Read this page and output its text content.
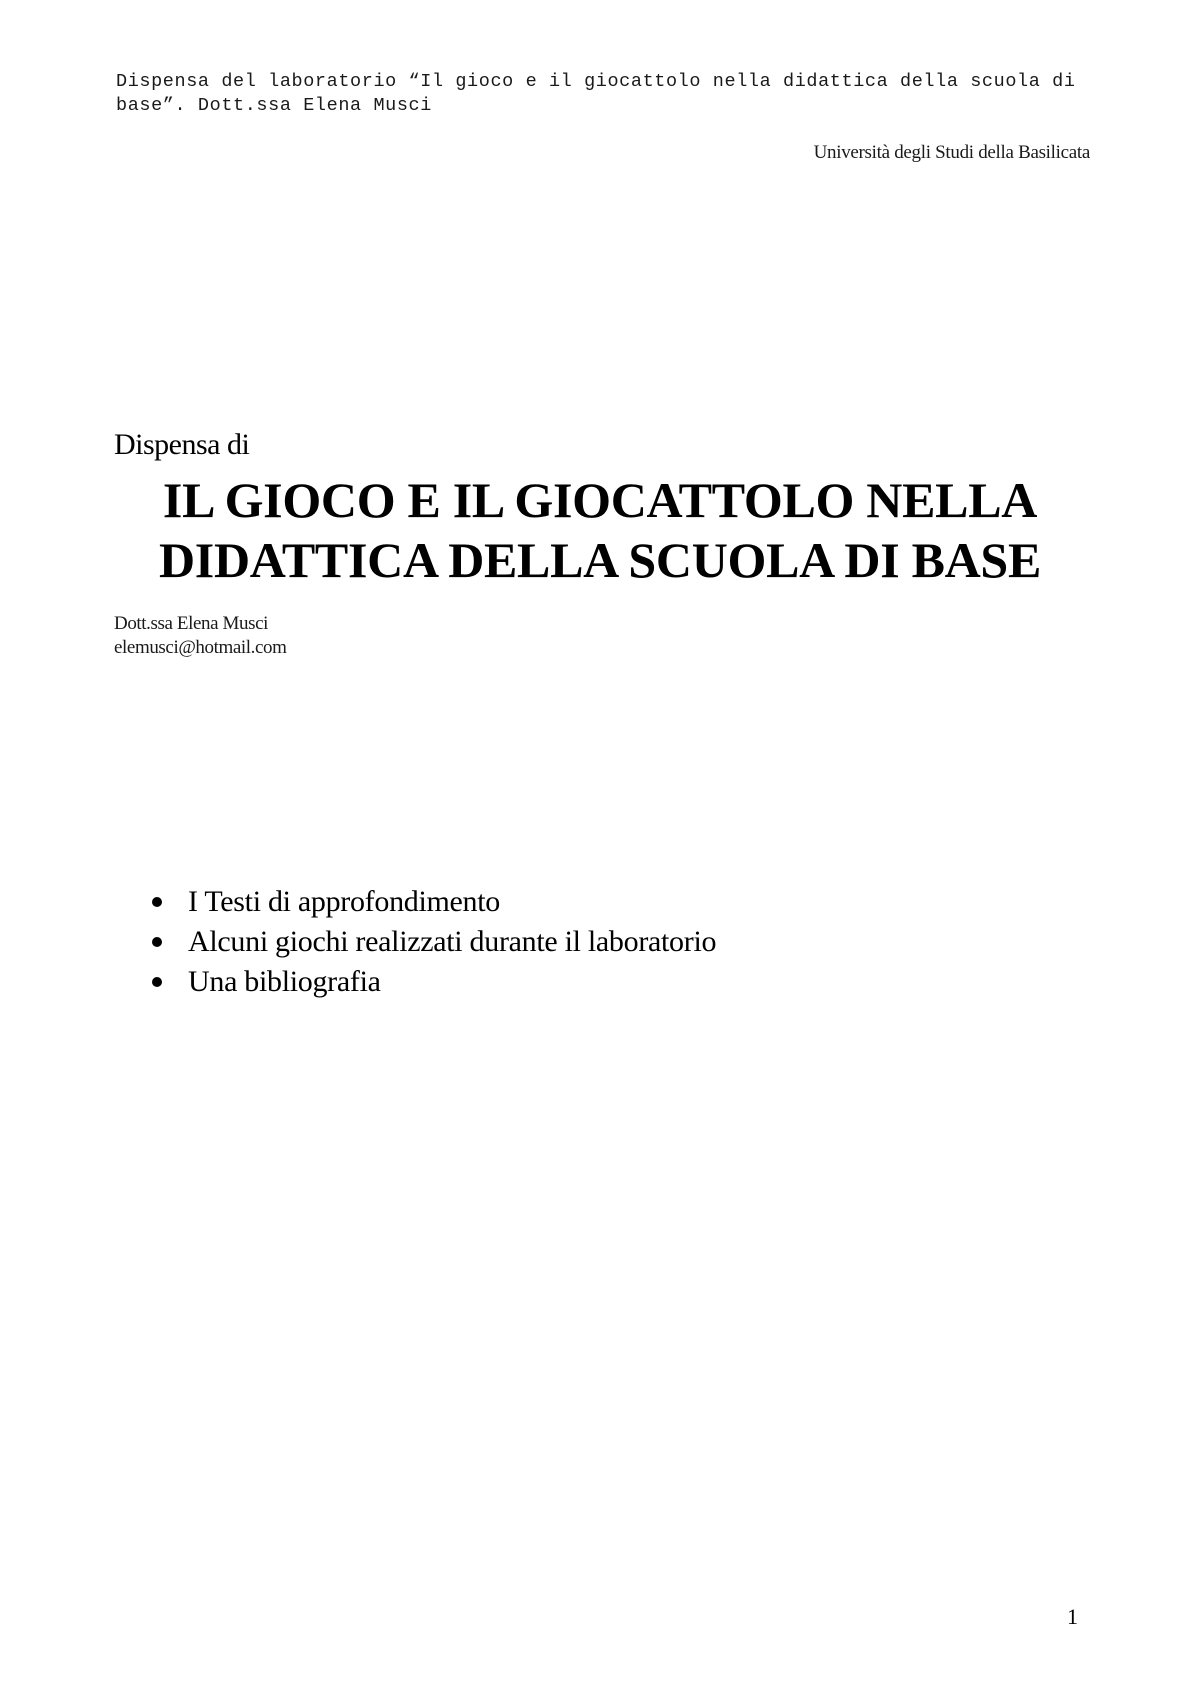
Dispensa del laboratorio “Il gioco e il giocattolo nella didattica della scuola di base”. Dott.ssa Elena Musci
Università degli Studi della Basilicata
Dispensa di
IL GIOCO E IL GIOCATTOLO NELLA
DIDATTICA DELLA SCUOLA DI BASE
Dott.ssa Elena Musci
elemusci@hotmail.com
I Testi di approfondimento
Alcuni giochi realizzati durante il laboratorio
Una bibliografia
1
